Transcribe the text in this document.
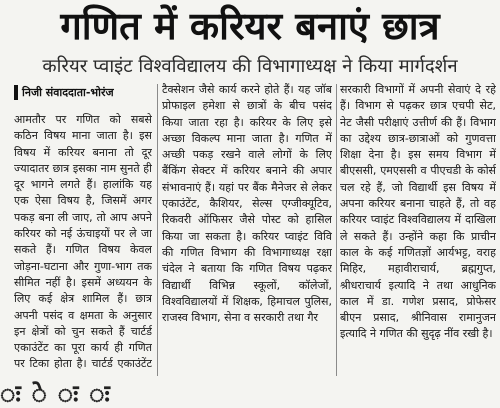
गणित में करियर बनाएं छात्र
करियर प्वाइंट विश्वविद्यालय की विभागाध्यक्ष ने किया मार्गदर्शन
निजी संवाददाता-भोरंज

आमतौर पर गणित को सबसे कठिन विषय माना जाता है। इस विषय में करियर बनाना तो दूर ज्यादातर छात्र इसका नाम सुनते ही दूर भागने लगते हैं। हालांकि यह एक ऐसा विषय है, जिसमें अगर पकड़ बना ली जाए, तो आप अपने करियर को नई ऊंचाइयों पर ले जा सकते हैं। गणित विषय केवल जोड़ना-घटाना और गुणा-भाग तक सीमित नहीं है। इसमें अध्ययन के लिए कई क्षेत्र शामिल हैं। छात्र अपनी पसंद व क्षमता के अनुसार इन क्षेत्रों को चुन सकते हैं चार्टर्ड एकाउंटेंट का पूरा कार्य ही गणित पर टिका होता है। चार्टर्ड एकाउंटेंट

टैक्सेशन जैसे कार्य करने होते हैं। यह जॉब प्रोफाइल हमेशा से छात्रों के बीच पसंद किया जाता रहा है। करियर के लिए इसे अच्छा विकल्प माना जाता है। गणित में अच्छी पकड़ रखने वाले लोगों के लिए बैंकिंग सेक्टर में करियर बनाने की अपार संभावनाएं हैं। यहां पर बैंक मैनेजर से लेकर एकाउंटेंट, कैशियर, सेल्स एग्जीक्यूटिव, रिकवरी ऑफिसर जैसे पोस्ट को हासिल किया जा सकता है। करियर प्वाइंट विवि की गणित विभाग की विभागाध्यक्ष रक्षा चंदेल ने बताया कि गणित विषय पढ़कर विद्यार्थी विभिन्न स्कूलों, कॉलेजों, विश्वविद्यालयों में शिक्षक, हिमाचल पुलिस, राजस्व विभाग, सेना व सरकारी तथा गैर

सरकारी विभागों में अपनी सेवाएं दे रहे हैं। विभाग से पढ़कर छात्र एचपी सेट, नेट जैसी परीक्षाएं उत्तीर्ण की हैं। विभाग का उद्देश्य छात्र-छात्राओं को गुणवत्ता शिक्षा देना है। इस समय विभाग में बीएससी, एमएससी व पीएचडी के कोर्स चल रहे हैं, जो विद्यार्थी इस विषय में अपना करियर बनाना चाहते हैं, तो वह करियर प्वाइंट विश्वविद्यालय में दाखिला ले सकते हैं। उन्होंने कहा कि प्राचीन काल के कई गणितज्ञों आर्यभट्ट, वराह मिहिर, महावीराचार्य, ब्रह्मगुप्त, श्रीधराचार्य इत्यादि ने तथा आधुनिक काल में डा. गणेश प्रसाद, प्रोफेसर बीएन प्रसाद, श्रीनिवास रामानुजन इत्यादि ने गणित की सुदृढ़ नींव रखी है।

ः े ः ः
